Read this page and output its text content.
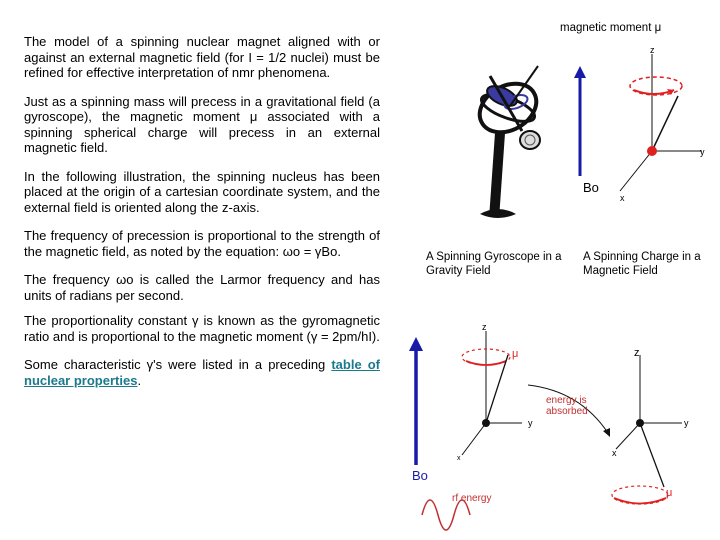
The model of a spinning nuclear magnet aligned with or against an external magnetic field (for I = 1/2 nuclei) must be refined for effective interpretation of nmr phenomena.

Just as a spinning mass will precess in a gravitational field (a gyroscope), the magnetic moment μ associated with a spinning spherical charge will precess in an external magnetic field.

In the following illustration, the spinning nucleus has been placed at the origin of a cartesian coordinate system, and the external field is oriented along the z-axis.

The frequency of precession is proportional to the strength of the magnetic field, as noted by the equation: ωo = γBo.

The frequency ωo is called the Larmor frequency and has units of radians per second.

The proportionality constant γ is known as the gyromagnetic ratio and is proportional to the magnetic moment (γ = 2pm/hI).

Some characteristic γ's were listed in a preceding table of nuclear properties.

magnetic moment μ
z
y
x
Bo
A Spinning Gyroscope in a Gravity Field
A Spinning Charge in a Magnetic Field
z
y
x
μ
Bo
rf energy
energy is
absorbed
z
y
x
μ
